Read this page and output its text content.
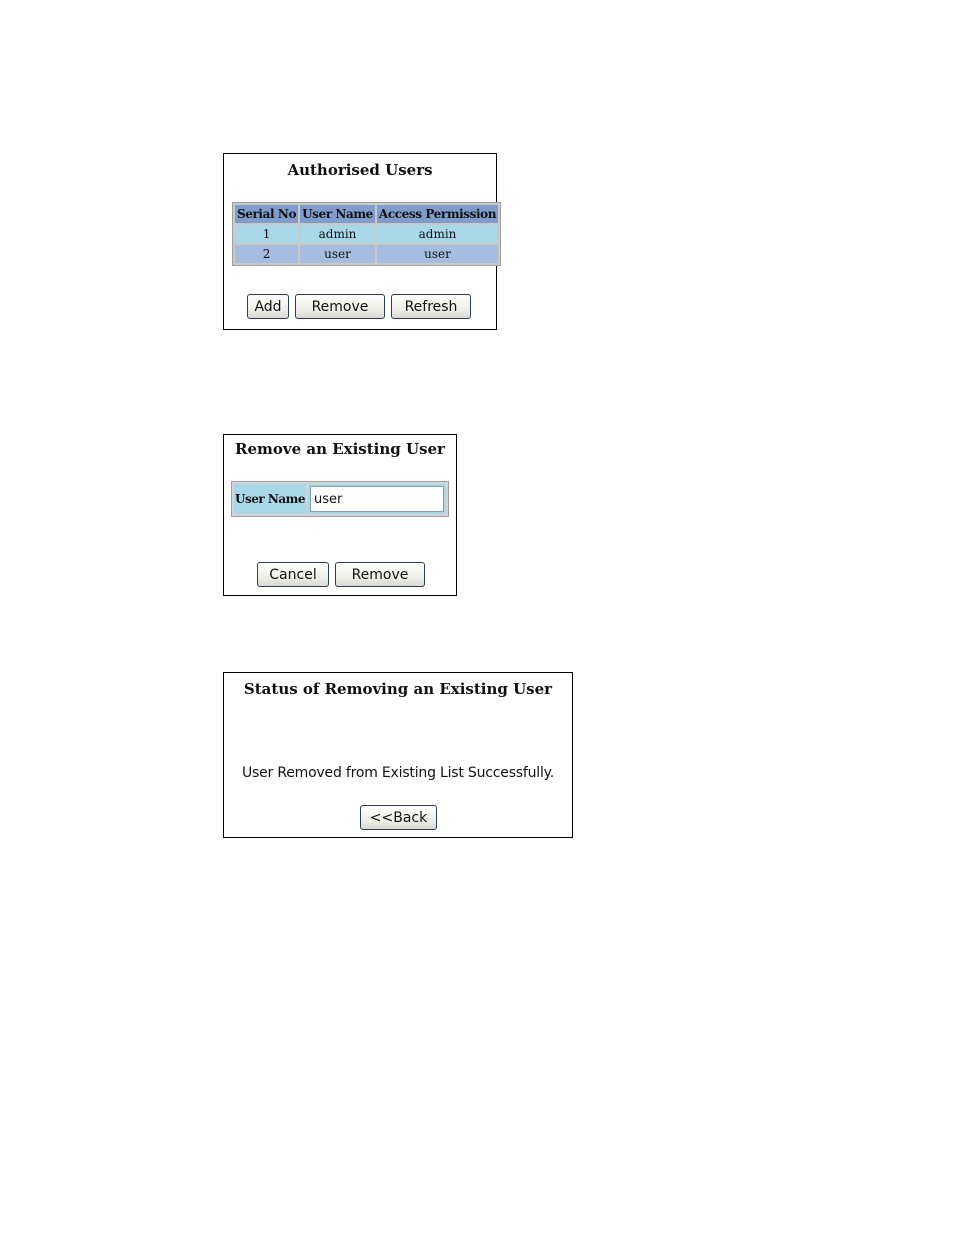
Authorised Users
Serial No	User Name	Access Permission
1	admin	admin
2	user	user
Add	Remove	Refresh
Remove an Existing User
User Name
user
Cancel	Remove
Status of Removing an Existing User
User Removed from Existing List Successfully.
<<Back
